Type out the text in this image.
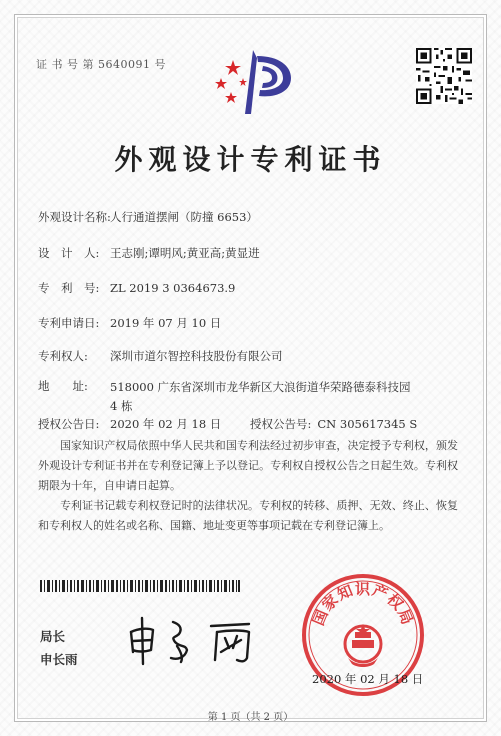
证 书 号 第 5640091 号
外观设计专利证书
外观设计名称:人行通道摆闸（防撞 6653）
设　计　人: 王志刚;谭明风;黄亚高;黄显进
专　利　号: ZL 2019 3 0364673.9
专利申请日: 2019 年 07 月 10 日
专利权人: 深圳市道尔智控科技股份有限公司
地　　址:	518000 广东省深圳市龙华新区大浪街道华荣路德泰科技园 4 栋
授权公告日: 2020 年 02 月 18 日 授权公告号: CN 305617345 S
国家知识产权局依照中华人民共和国专利法经过初步审查，决定授予专利权，颁发外观设计专利证书并在专利登记簿上予以登记。专利权自授权公告之日起生效。专利权期限为十年，自申请日起算。
专利证书记载专利权登记时的法律状况。专利权的转移、质押、无效、终止、恢复和专利权人的姓名或名称、国籍、地址变更等事项记载在专利登记簿上。
局长
申长雨
国家知识产权局
2020 年 02 月 18 日
第 1 页（共 2 页）
